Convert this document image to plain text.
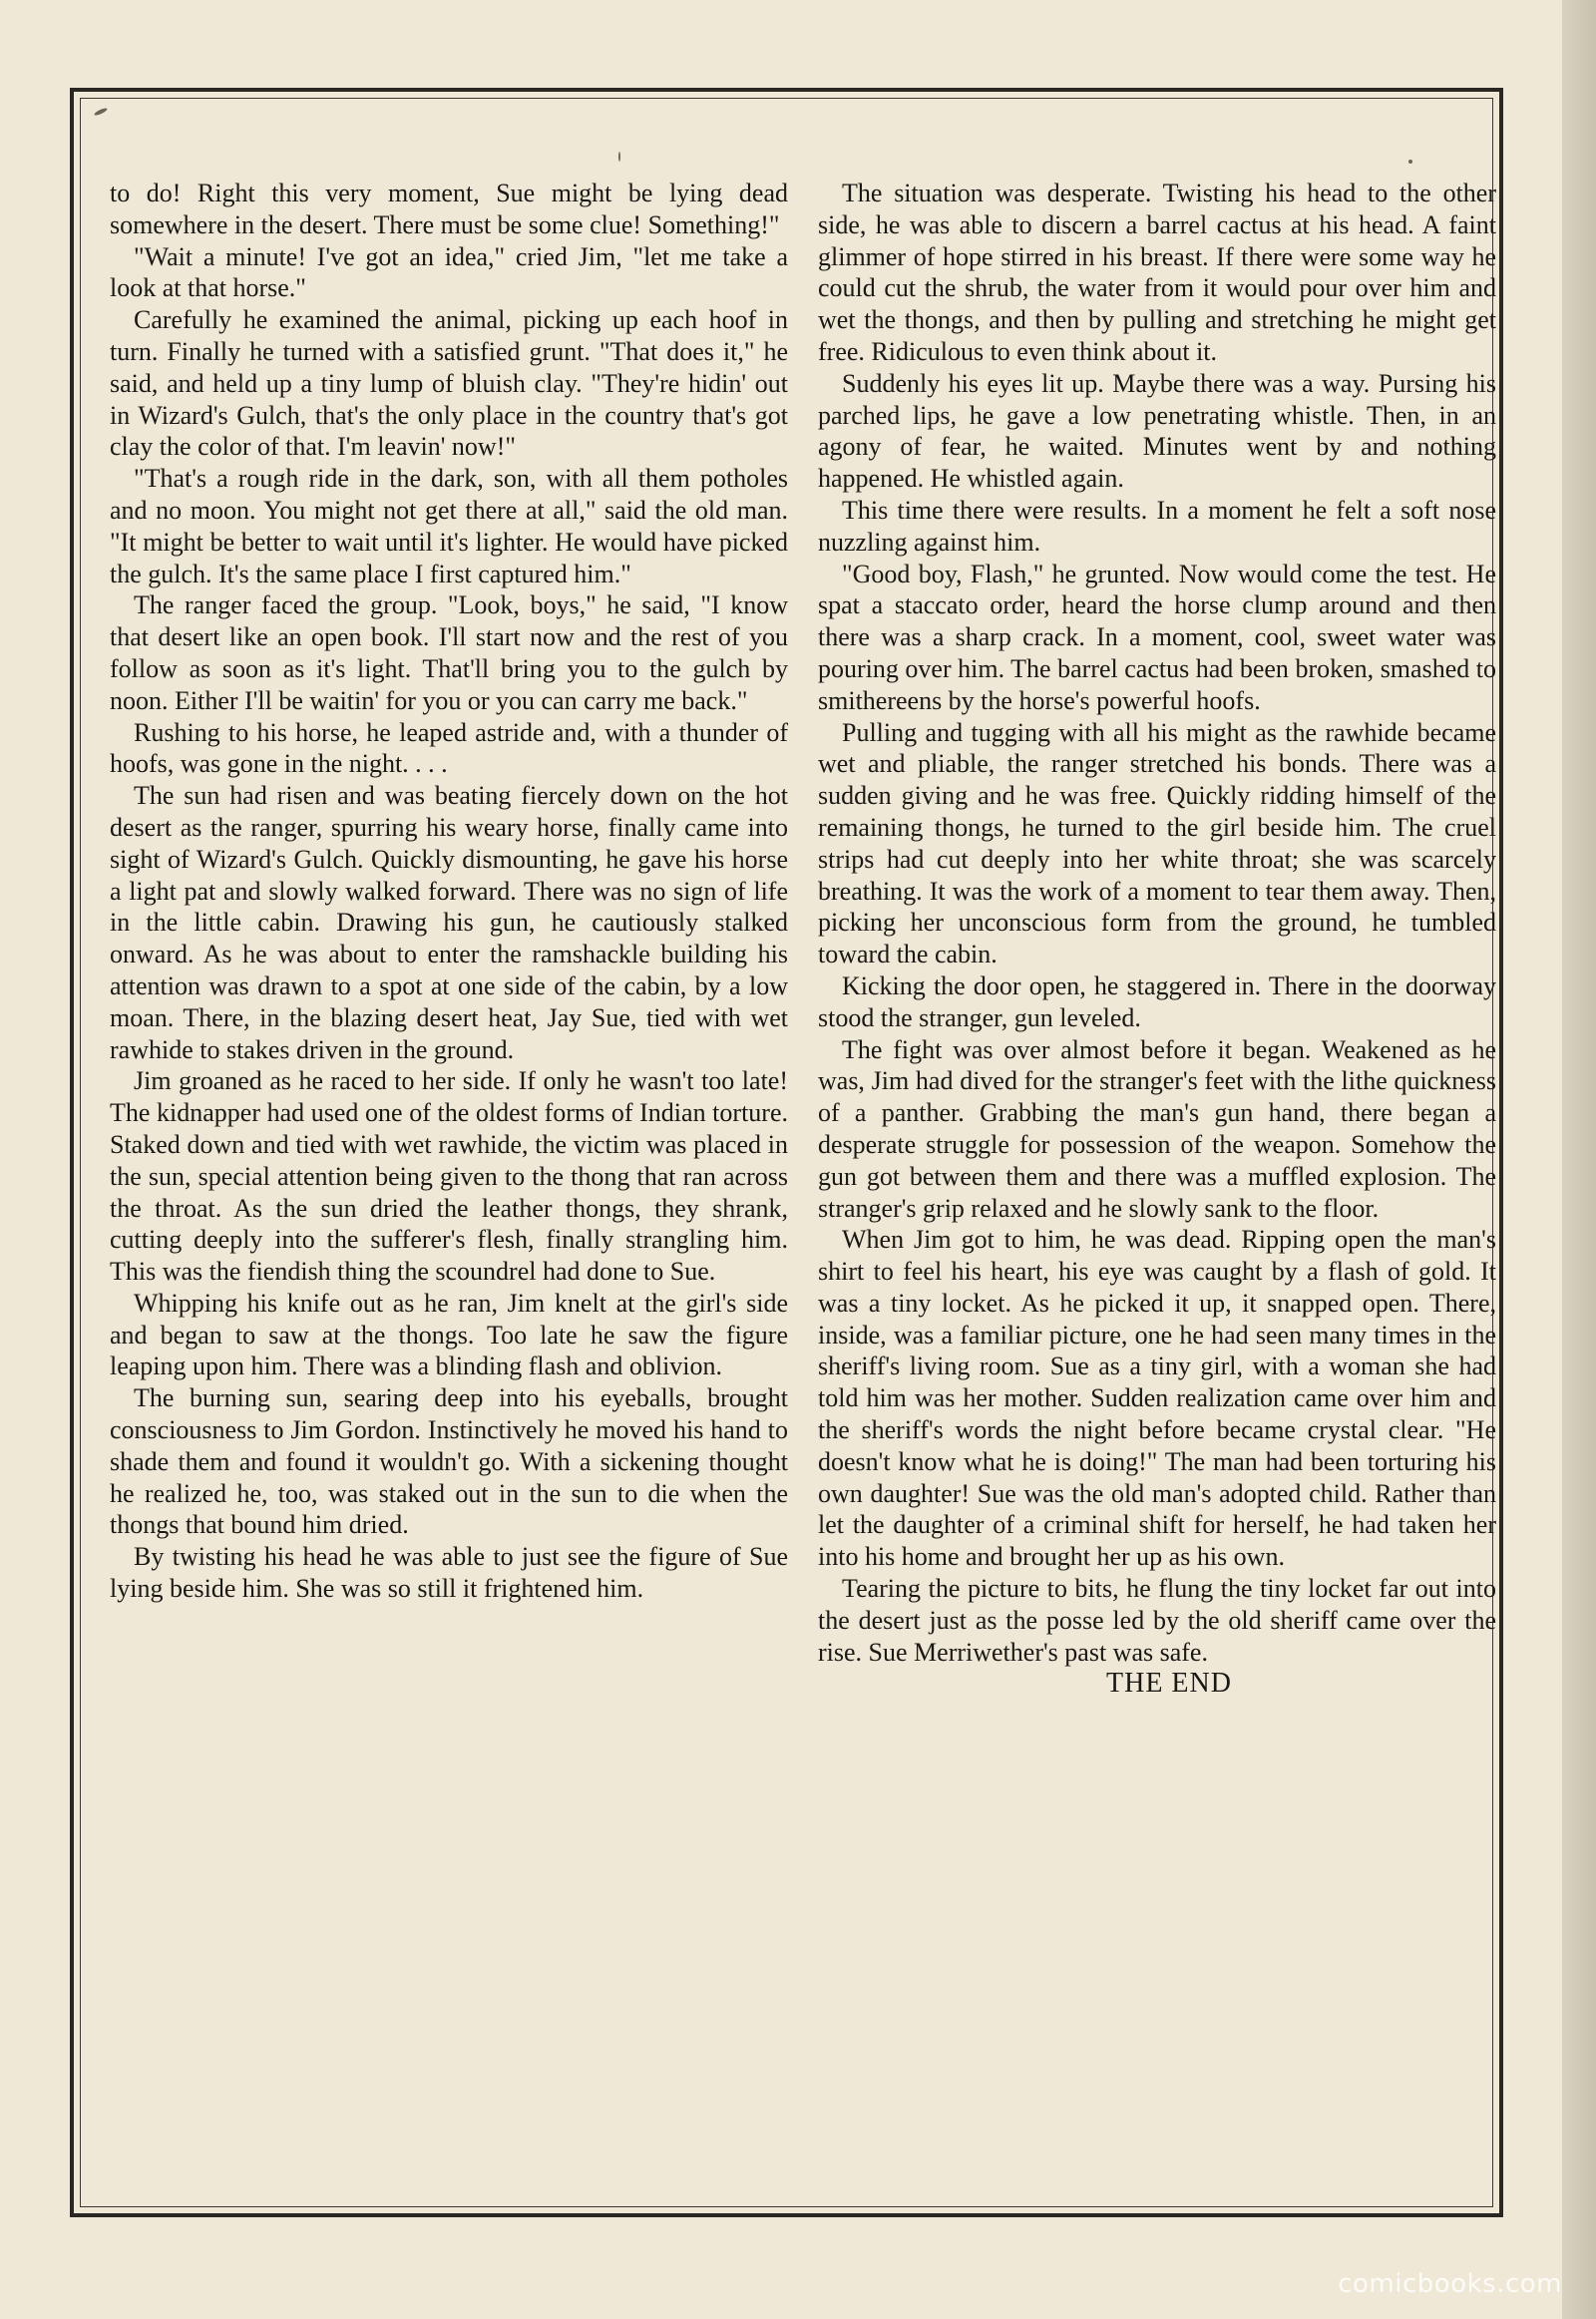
to do! Right this very moment, Sue might be lying dead somewhere in the desert. There must be some clue! Something!"

"Wait a minute! I've got an idea," cried Jim, "let me take a look at that horse."

Carefully he examined the animal, picking up each hoof in turn. Finally he turned with a satisfied grunt. "That does it," he said, and held up a tiny lump of bluish clay. "They're hidin' out in Wizard's Gulch, that's the only place in the country that's got clay the color of that. I'm leavin' now!"

"That's a rough ride in the dark, son, with all them potholes and no moon. You might not get there at all," said the old man. "It might be better to wait until it's lighter. He would have picked the gulch. It's the same place I first captured him."

The ranger faced the group. "Look, boys," he said, "I know that desert like an open book. I'll start now and the rest of you follow as soon as it's light. That'll bring you to the gulch by noon. Either I'll be waitin' for you or you can carry me back."

Rushing to his horse, he leaped astride and, with a thunder of hoofs, was gone in the night. . . .

The sun had risen and was beating fiercely down on the hot desert as the ranger, spurring his weary horse, finally came into sight of Wizard's Gulch. Quickly dismounting, he gave his horse a light pat and slowly walked forward. There was no sign of life in the little cabin. Drawing his gun, he cautiously stalked onward. As he was about to enter the ramshackle building his attention was drawn to a spot at one side of the cabin, by a low moan. There, in the blazing desert heat, Jay Sue, tied with wet rawhide to stakes driven in the ground.

Jim groaned as he raced to her side. If only he wasn't too late! The kidnapper had used one of the oldest forms of Indian torture. Staked down and tied with wet rawhide, the victim was placed in the sun, special attention being given to the thong that ran across the throat. As the sun dried the leather thongs, they shrank, cutting deeply into the sufferer's flesh, finally strangling him. This was the fiendish thing the scoundrel had done to Sue.

Whipping his knife out as he ran, Jim knelt at the girl's side and began to saw at the thongs. Too late he saw the figure leaping upon him. There was a blinding flash and oblivion.

The burning sun, searing deep into his eyeballs, brought consciousness to Jim Gordon. Instinctively he moved his hand to shade them and found it wouldn't go. With a sickening thought he realized he, too, was staked out in the sun to die when the thongs that bound him dried.

By twisting his head he was able to just see the figure of Sue lying beside him. She was so still it frightened him.

The situation was desperate. Twisting his head to the other side, he was able to discern a barrel cactus at his head. A faint glimmer of hope stirred in his breast. If there were some way he could cut the shrub, the water from it would pour over him and wet the thongs, and then by pulling and stretching he might get free. Ridiculous to even think about it.

Suddenly his eyes lit up. Maybe there was a way. Pursing his parched lips, he gave a low penetrating whistle. Then, in an agony of fear, he waited. Minutes went by and nothing happened. He whistled again.

This time there were results. In a moment he felt a soft nose nuzzling against him.

"Good boy, Flash," he grunted. Now would come the test. He spat a staccato order, heard the horse clump around and then there was a sharp crack. In a moment, cool, sweet water was pouring over him. The barrel cactus had been broken, smashed to smithereens by the horse's powerful hoofs.

Pulling and tugging with all his might as the rawhide became wet and pliable, the ranger stretched his bonds. There was a sudden giving and he was free. Quickly ridding himself of the remaining thongs, he turned to the girl beside him. The cruel strips had cut deeply into her white throat; she was scarcely breathing. It was the work of a moment to tear them away. Then, picking her unconscious form from the ground, he tumbled toward the cabin.

Kicking the door open, he staggered in. There in the doorway stood the stranger, gun leveled.

The fight was over almost before it began. Weakened as he was, Jim had dived for the stranger's feet with the lithe quickness of a panther. Grabbing the man's gun hand, there began a desperate struggle for possession of the weapon. Somehow the gun got between them and there was a muffled explosion. The stranger's grip relaxed and he slowly sank to the floor.

When Jim got to him, he was dead. Ripping open the man's shirt to feel his heart, his eye was caught by a flash of gold. It was a tiny locket. As he picked it up, it snapped open. There, inside, was a familiar picture, one he had seen many times in the sheriff's living room. Sue as a tiny girl, with a woman she had told him was her mother. Sudden realization came over him and the sheriff's words the night before became crystal clear. "He doesn't know what he is doing!" The man had been torturing his own daughter! Sue was the old man's adopted child. Rather than let the daughter of a criminal shift for herself, he had taken her into his home and brought her up as his own.

Tearing the picture to bits, he flung the tiny locket far out into the desert just as the posse led by the old sheriff came over the rise. Sue Merriwether's past was safe.

THE END

comicbooks.com
